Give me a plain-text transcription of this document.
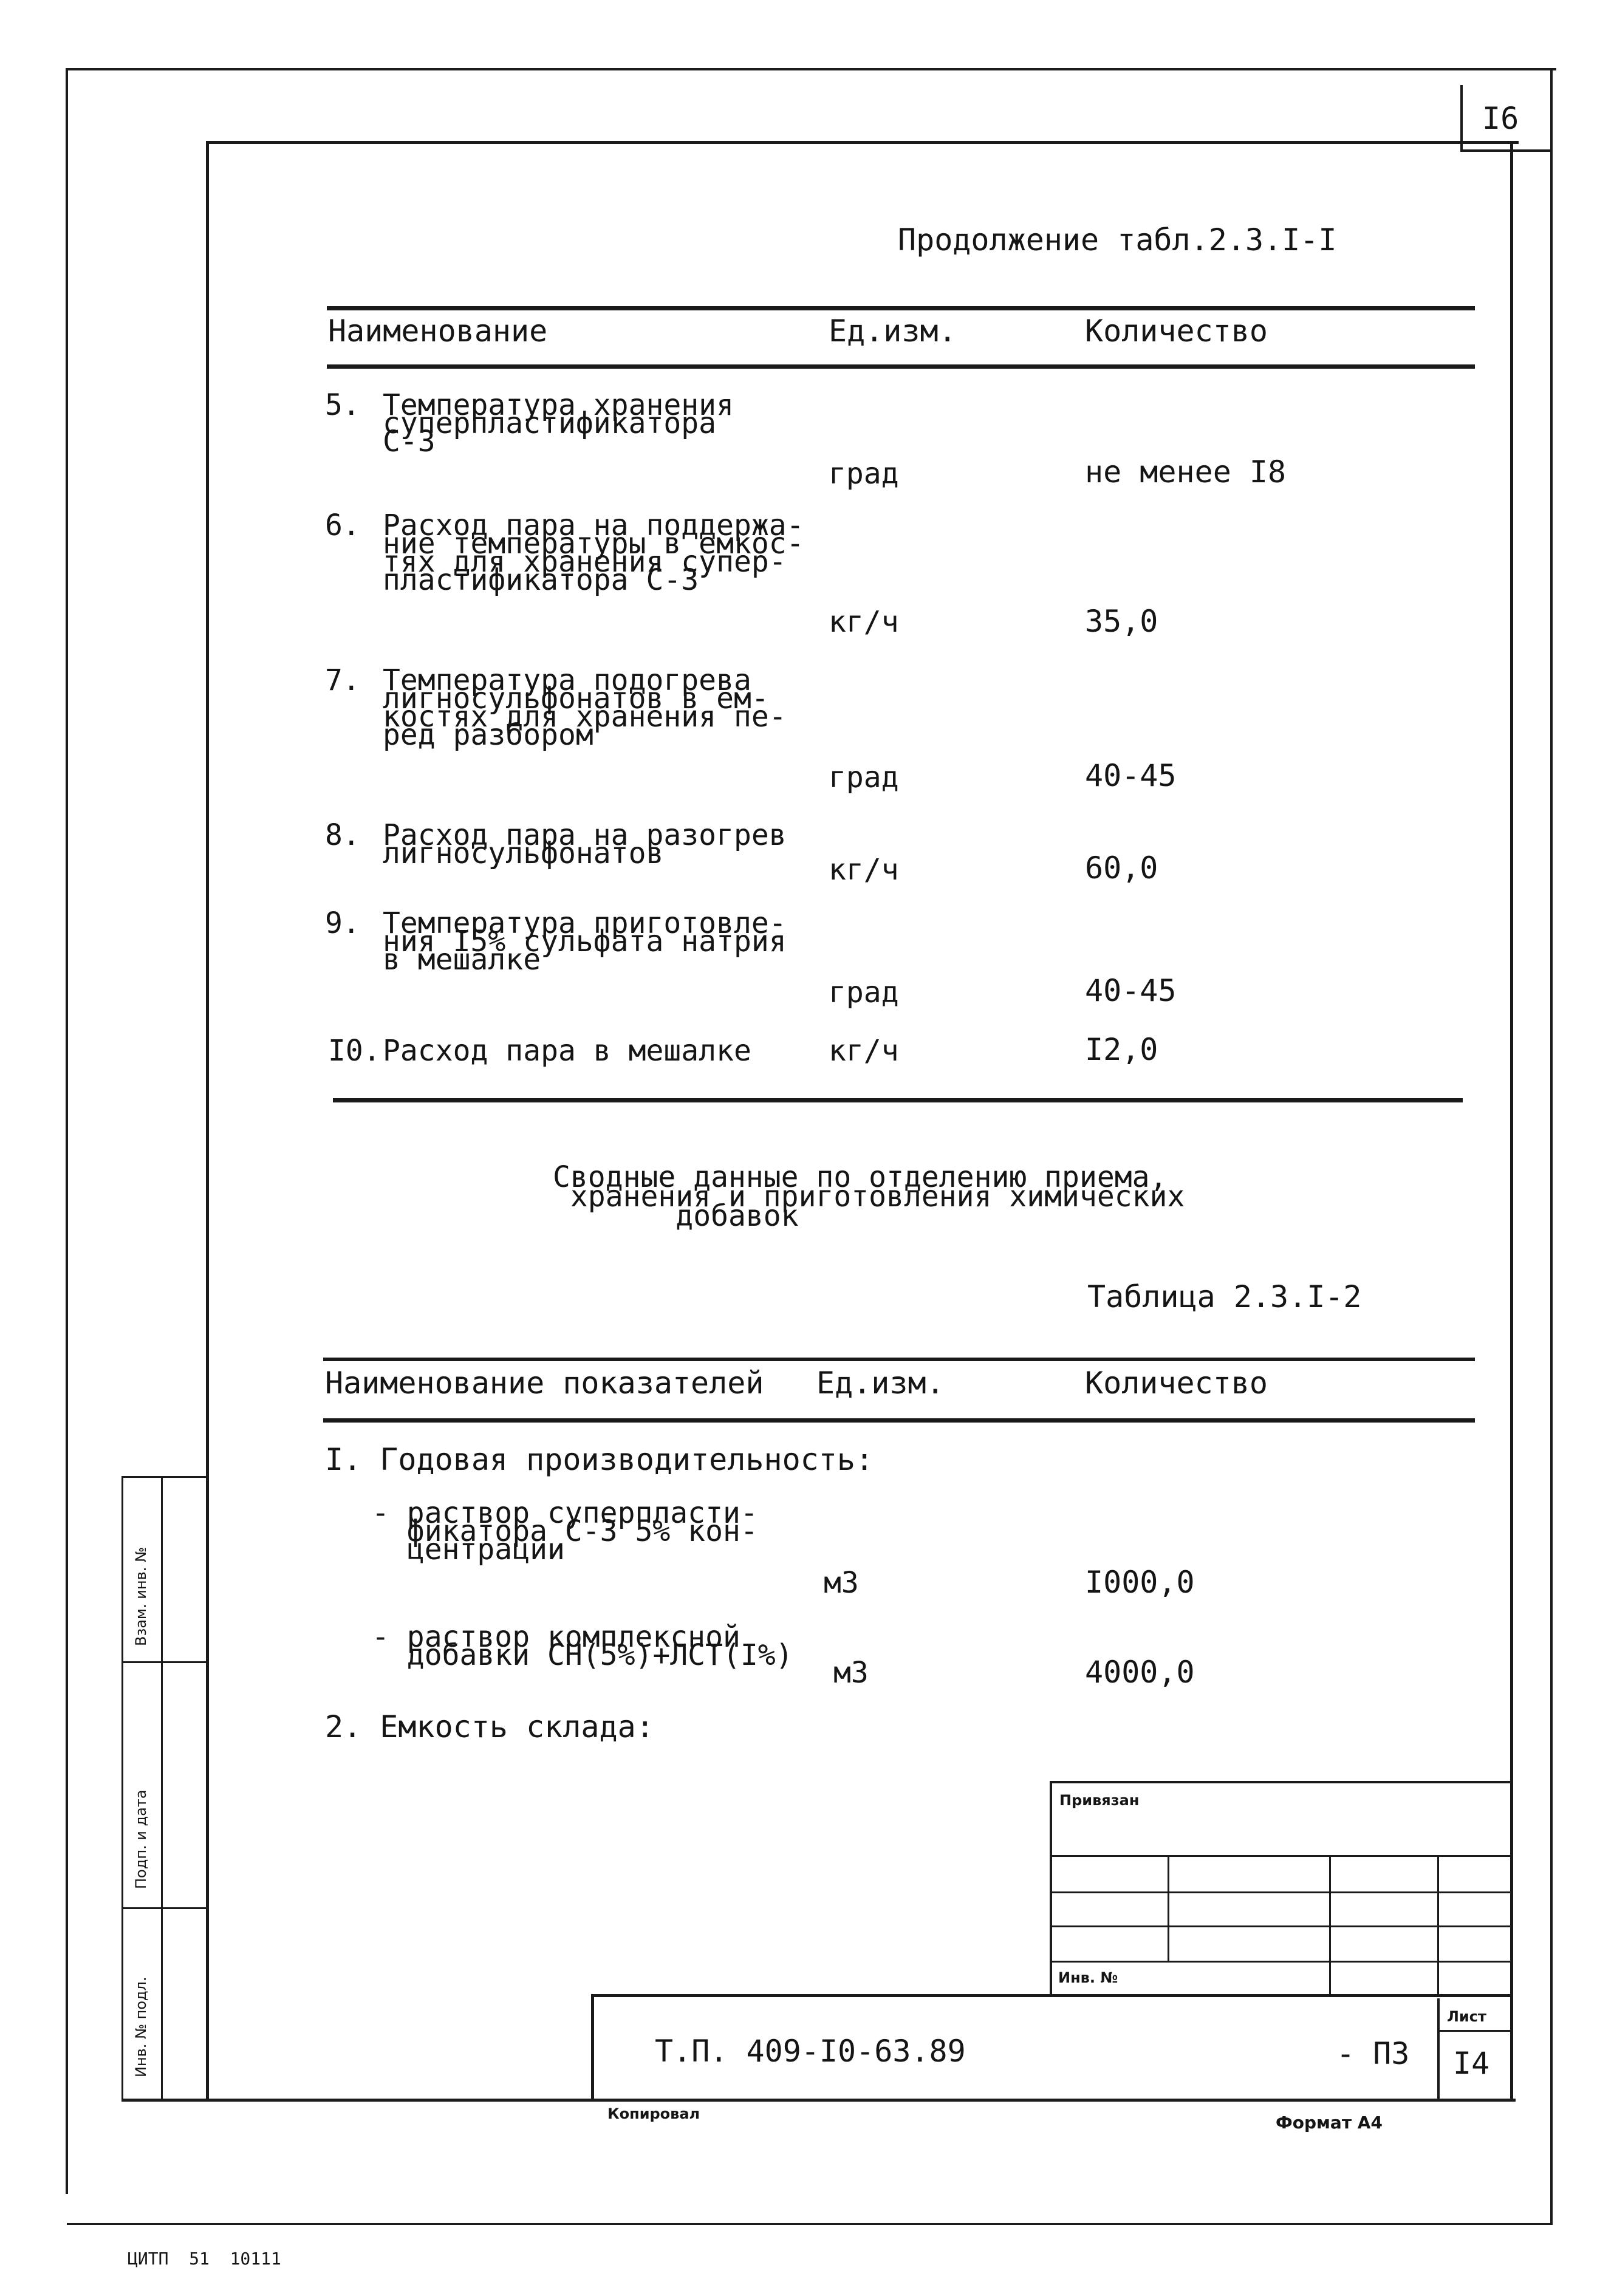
I6
Взам. инв. №
Подп. и дата
Инв. № подл.
Продолжение табл.2.3.I-I
Наименование	Ед.изм.	Количество
5. Температура хранения
суперпластификатора
С-3
град	не менее I8
6. Расход пара на поддержа-
ние температуры в емкос-
тях для хранения супер-
пластификатора С-3
кг/ч	35,0
7. Температура подогрева
лигносульфонатов в ем-
костях для хранения пе-
ред разбором
град	40-45
8. Расход пара на разогрев
лигносульфонатов	кг/ч	60,0
9. Температура приготовле-
ния I5% сульфата натрия
в мешалке
град	40-45
I0. Расход пара в мешалке	кг/ч	I2,0
Сводные данные по отделению приема,
хранения и приготовления химических
добавок
Таблица 2.3.I-2
Наименование показателей Ед.изм.	Количество
I. Годовая производительность:
- раствор суперпласти-
фикатора С-3 5% кон-
центрации
м3	I000,0
- раствор комплексной
добавки СН(5%)+ЛСТ(I%)
м3	4000,0
2. Емкость склада:
Привязан
Инв. №
Т.П. 409-I0-63.89	- ПЗ
Лист
I4
Копировал	Формат А4
ЦИТП  51  10111
